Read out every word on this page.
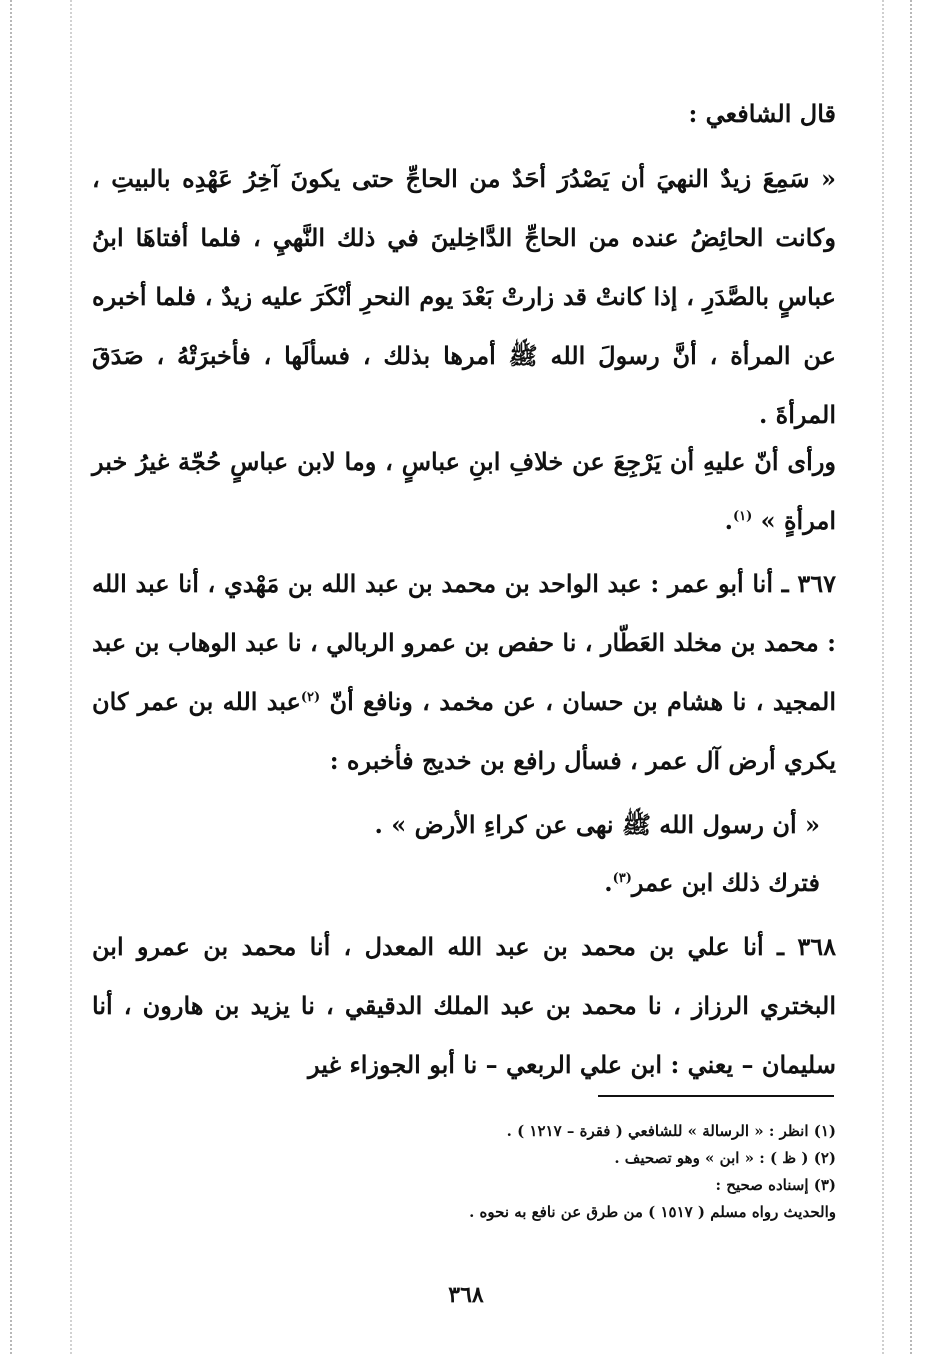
قال الشافعي :

« سَمِعَ زيدٌ النهيَ أن يَصْدُرَ أحَدٌ من الحاجِّ حتى يكونَ آخِرُ عَهْدِه بالبيتِ ، وكانت الحائِضُ عنده من الحاجِّ الدَّاخِلينَ في ذلك النَّهيِ ، فلما أفتاهَا ابنُ عباسٍ بالصَّدَرِ ، إذا كانتْ قد زارتْ بَعْدَ يوم النحرِ أنْكَرَ عليه زيدٌ ، فلما أخبره عن المرأة ، أنَّ رسولَ الله ﷺ أمرها بذلك ، فسألَها ، فأخبرَتْهُ ، صَدَقَ المرأةَ .

ورأى أنّ عليهِ أن يَرْجِعَ عن خلافِ ابنِ عباسٍ ، وما لابن عباسٍ حُجّة غيرُ خبر امرأةٍ » $^{(١)}$.

٣٦٧ ـ أنا أبو عمر : عبد الواحد بن محمد بن عبد الله بن مَهْدي ، أنا عبد الله : محمد بن مخلد العَطّار ، نا حفص بن عمرو الربالي ، نا عبد الوهاب بن عبد المجيد ، نا هشام بن حسان ، عن مخمد ، ونافع أنّ $^{(٢)}$عبد الله بن عمر كان يكري أرض آل عمر ، فسأل رافع بن خديج فأخبره :

« أن رسول الله ﷺ نهى عن كراءِ الأرض » .

فترك ذلك ابن عمر$^{(٣)}$.

٣٦٨ ـ أنا علي بن محمد بن عبد الله المعدل ، أنا محمد بن عمرو ابن البختري الرزاز ، نا محمد بن عبد الملك الدقيقي ، نا يزيد بن هارون ، أنا سليمان – يعني : ابن علي الربعي – نا أبو الجوزاء غير

(١) انظر : « الرسالة » للشافعي ( فقرة – ١٢١٧ ) .
(٢) ( ظ ) : « ابن » وهو تصحيف .
(٣) إسناده صحيح :
والحديث رواه مسلم ( ١٥١٧ ) من طرق عن نافع به نحوه .
٣٦٨
